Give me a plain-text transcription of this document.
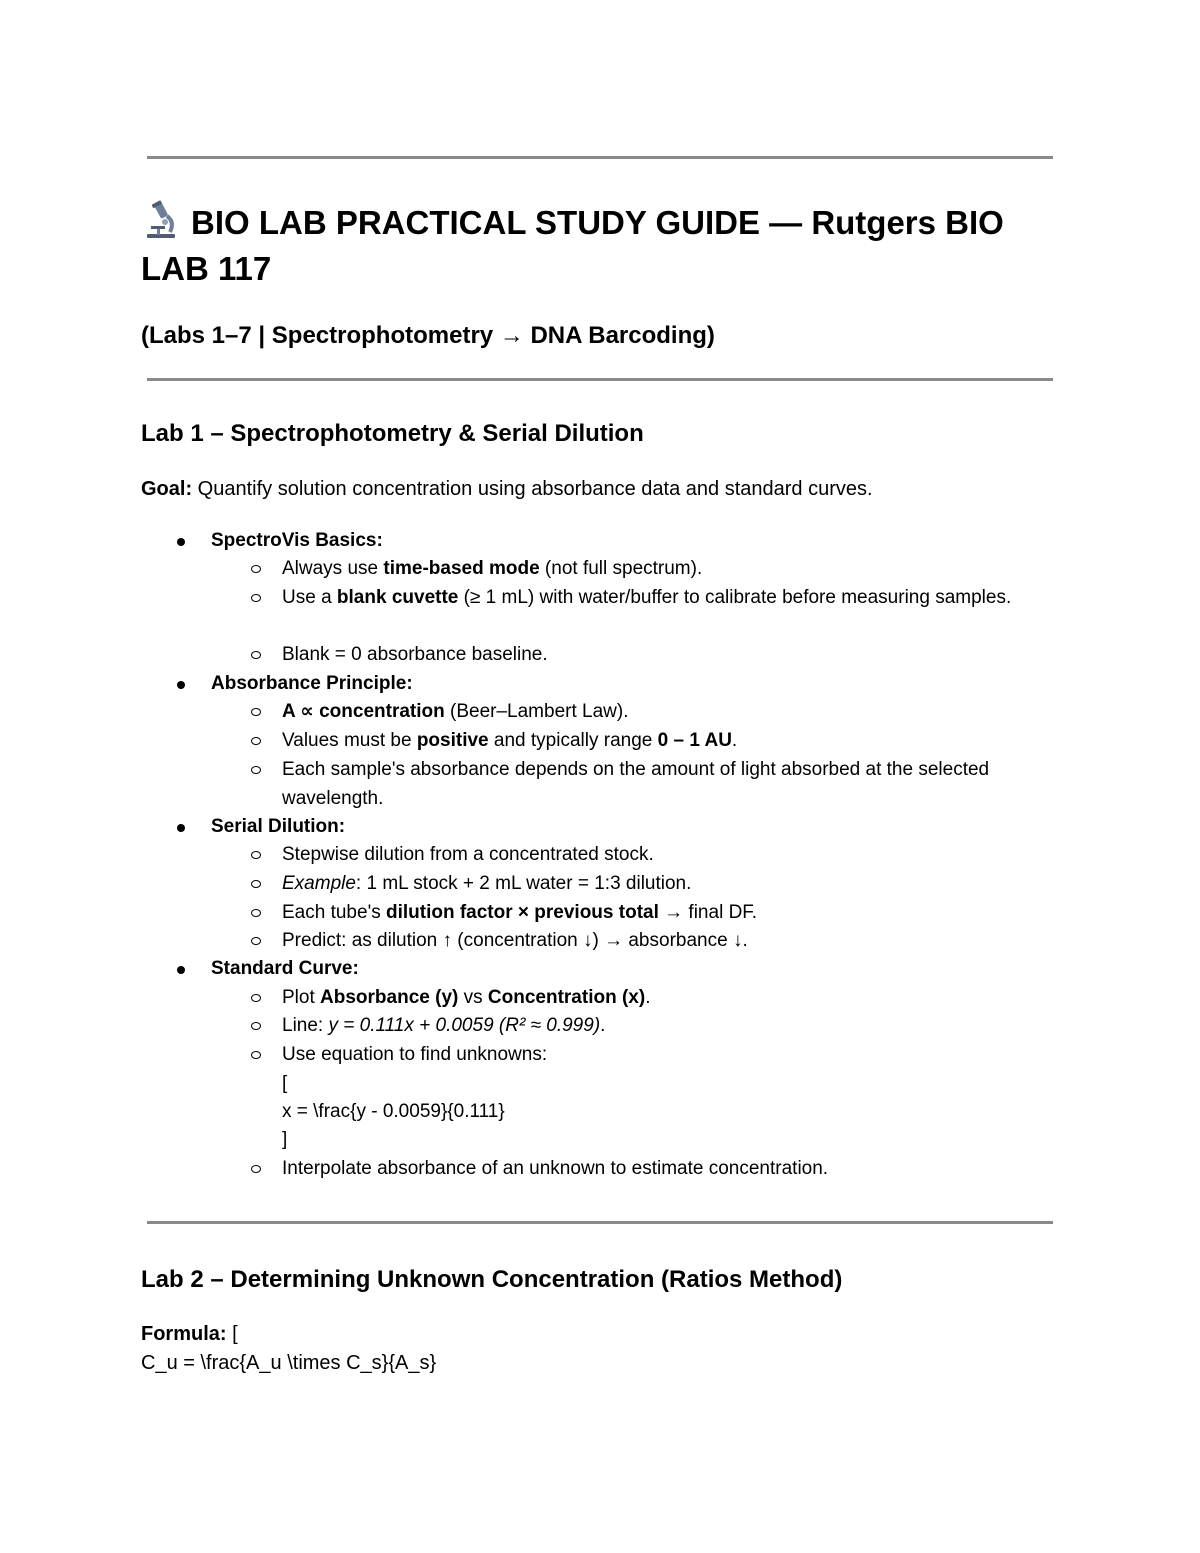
BIO LAB PRACTICAL STUDY GUIDE — Rutgers BIO LAB 117
(Labs 1–7 | Spectrophotometry → DNA Barcoding)
Lab 1 – Spectrophotometry & Serial Dilution
Goal: Quantify solution concentration using absorbance data and standard curves.
SpectroVis Basics:
Always use time-based mode (not full spectrum).
Use a blank cuvette (≥ 1 mL) with water/buffer to calibrate before measuring samples.
Blank = 0 absorbance baseline.
Absorbance Principle:
A ∝ concentration (Beer–Lambert Law).
Values must be positive and typically range 0 – 1 AU.
Each sample's absorbance depends on the amount of light absorbed at the selected wavelength.
Serial Dilution:
Stepwise dilution from a concentrated stock.
Example: 1 mL stock + 2 mL water = 1:3 dilution.
Each tube's dilution factor × previous total → final DF.
Predict: as dilution ↑ (concentration ↓) → absorbance ↓.
Standard Curve:
Plot Absorbance (y) vs Concentration (x).
Line: y = 0.111x + 0.0059 (R² ≈ 0.999).
Use equation to find unknowns:
[
x = \frac{y - 0.0059}{0.111}
]
Interpolate absorbance of an unknown to estimate concentration.
Lab 2 – Determining Unknown Concentration (Ratios Method)
Formula: [
C_u = \frac{A_u \times C_s}{A_s}
